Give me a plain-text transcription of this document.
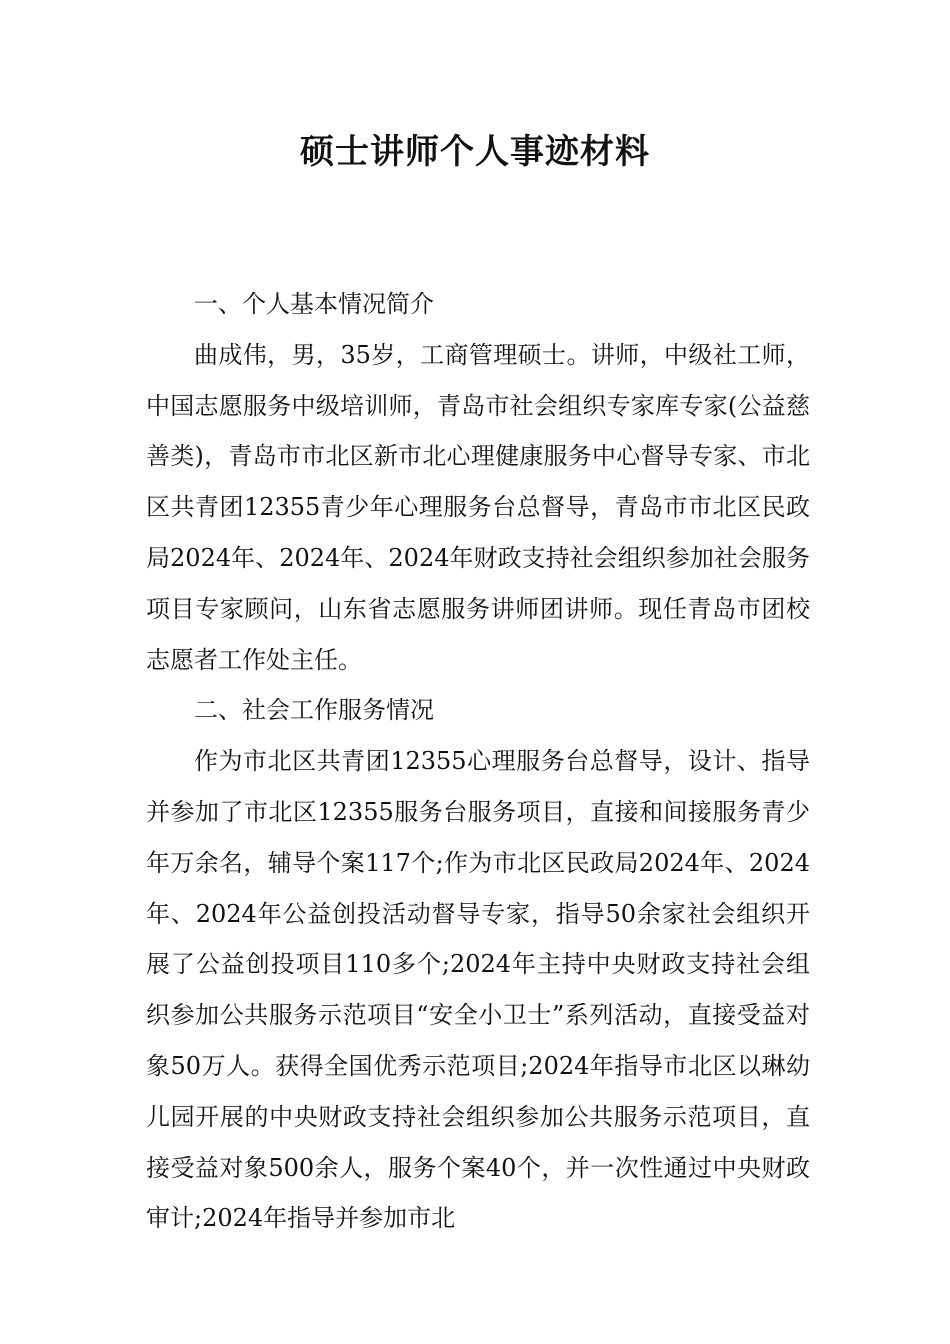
硕士讲师个人事迹材料

一、个人基本情况简介

曲成伟，男，35岁，工商管理硕士。讲师，中级社工师，中国志愿服务中级培训师，青岛市社会组织专家库专家(公益慈善类)，青岛市市北区新市北心理健康服务中心督导专家、市北区共青团12355青少年心理服务台总督导，青岛市市北区民政局2024年、2024年、2024年财政支持社会组织参加社会服务项目专家顾问，山东省志愿服务讲师团讲师。现任青岛市团校志愿者工作处主任。

二、社会工作服务情况

作为市北区共青团12355心理服务台总督导，设计、指导并参加了市北区12355服务台服务项目，直接和间接服务青少年万余名，辅导个案117个;作为市北区民政局2024年、2024年、2024年公益创投活动督导专家，指导50余家社会组织开展了公益创投项目110多个;2024年主持中央财政支持社会组织参加公共服务示范项目“安全小卫士”系列活动，直接受益对象50万人。获得全国优秀示范项目;2024年指导市北区以琳幼儿园开展的中央财政支持社会组织参加公共服务示范项目，直接受益对象500余人，服务个案40个，并一次性通过中央财政审计;2024年指导并参加市北
